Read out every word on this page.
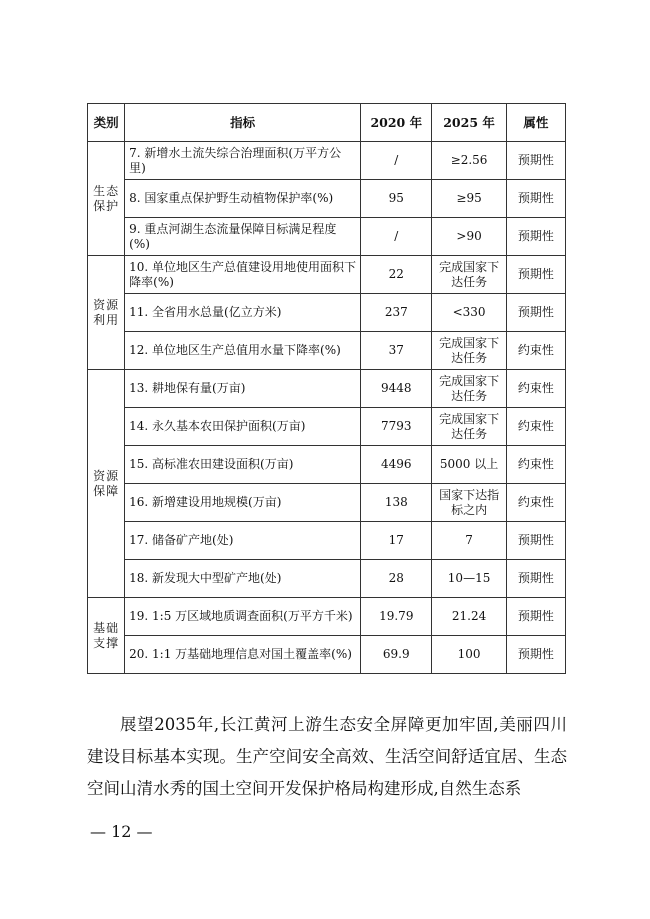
类别	指标	2020 年	2025 年	属性
生态保护	7. 新增水土流失综合治理面积(万平方公里)	/	≥2.56	预期性
	8. 国家重点保护野生动植物保护率(%)	95	≥95	预期性
	9. 重点河湖生态流量保障目标满足程度(%)	/	>90	预期性
资源利用	10. 单位地区生产总值建设用地使用面积下降率(%)	22	完成国家下达任务	预期性
	11. 全省用水总量(亿立方米)	237	<330	预期性
	12. 单位地区生产总值用水量下降率(%)	37	完成国家下达任务	约束性
资源保障	13. 耕地保有量(万亩)	9448	完成国家下达任务	约束性
	14. 永久基本农田保护面积(万亩)	7793	完成国家下达任务	约束性
	15. 高标准农田建设面积(万亩)	4496	5000 以上	约束性
	16. 新增建设用地规模(万亩)	138	国家下达指标之内	约束性
	17. 储备矿产地(处)	17	7	预期性
	18. 新发现大中型矿产地(处)	28	10—15	预期性
基础支撑	19. 1:5 万区域地质调查面积(万平方千米)	19.79	21.24	预期性
	20. 1:1 万基础地理信息对国土覆盖率(%)	69.9	100	预期性

展望2035年,长江黄河上游生态安全屏障更加牢固,美丽四川建设目标基本实现。生产空间安全高效、生活空间舒适宜居、生态空间山清水秀的国土空间开发保护格局构建形成,自然生态系

— 12 —
